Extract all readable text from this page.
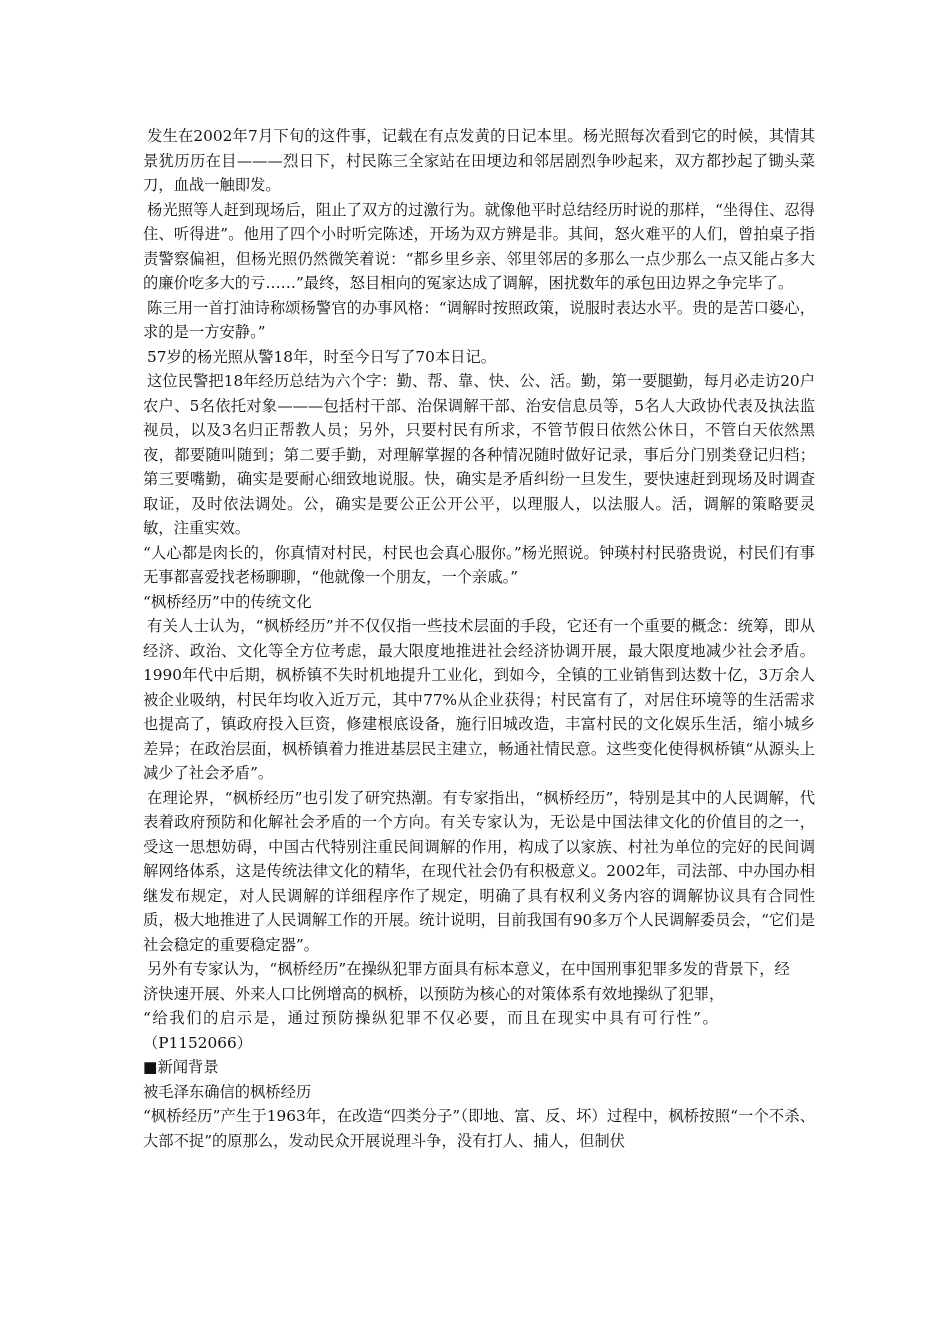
发生在2002年7月下旬的这件事，记载在有点发黄的日记本里。杨光照每次看到它的时候，其情其景犹历历在目———烈日下，村民陈三全家站在田埂边和邻居剧烈争吵起来，双方都抄起了锄头菜刀，血战一触即发。

杨光照等人赶到现场后，阻止了双方的过激行为。就像他平时总结经历时说的那样，“坐得住、忍得住、听得进”。他用了四个小时听完陈述，开场为双方辨是非。其间，怒火难平的人们，曾拍桌子指责警察偏袒，但杨光照仍然微笑着说：“都乡里乡亲、邻里邻居的多那么一点少那么一点又能占多大的廉价吃多大的亏……”最终，怒目相向的冤家达成了调解，困扰数年的承包田边界之争完毕了。

陈三用一首打油诗称颂杨警官的办事风格：“调解时按照政策，说服时表达水平。贵的是苦口婆心，求的是一方安静。”

57岁的杨光照从警18年，时至今日写了70本日记。

这位民警把18年经历总结为六个字：勤、帮、靠、快、公、活。勤，第一要腿勤，每月必走访20户农户、5名依托对象———包括村干部、治保调解干部、治安信息员等，5名人大政协代表及执法监视员，以及3名归正帮教人员；另外，只要村民有所求，不管节假日依然公休日，不管白天依然黑夜，都要随叫随到；第二要手勤，对理解掌握的各种情况随时做好记录，事后分门别类登记归档；第三要嘴勤，确实是要耐心细致地说服。快，确实是矛盾纠纷一旦发生，要快速赶到现场及时调查取证，及时依法调处。公，确实是要公正公开公平，以理服人，以法服人。活，调解的策略要灵敏，注重实效。

“人心都是肉长的，你真情对村民，村民也会真心服你。”杨光照说。钟瑛村村民骆贵说，村民们有事无事都喜爱找老杨聊聊，“他就像一个朋友，一个亲戚。”

“枫桥经历”中的传统文化

有关人士认为，“枫桥经历”并不仅仅指一些技术层面的手段，它还有一个重要的概念：统筹，即从经济、政治、文化等全方位考虑，最大限度地推进社会经济协调开展，最大限度地减少社会矛盾。1990年代中后期，枫桥镇不失时机地提升工业化，到如今，全镇的工业销售到达数十亿，3万余人被企业吸纳，村民年均收入近万元，其中77%从企业获得；村民富有了，对居住环境等的生活需求也提高了，镇政府投入巨资，修建根底设备，施行旧城改造，丰富村民的文化娱乐生活，缩小城乡差异；在政治层面，枫桥镇着力推进基层民主建立，畅通社情民意。这些变化使得枫桥镇“从源头上减少了社会矛盾”。

在理论界，“枫桥经历”也引发了研究热潮。有专家指出，“枫桥经历”，特别是其中的人民调解，代表着政府预防和化解社会矛盾的一个方向。有关专家认为，无讼是中国法律文化的价值目的之一，受这一思想妨碍，中国古代特别注重民间调解的作用，构成了以家族、村社为单位的完好的民间调解网络体系，这是传统法律文化的精华，在现代社会仍有积极意义。2002年，司法部、中办国办相继发布规定，对人民调解的详细程序作了规定，明确了具有权利义务内容的调解协议具有合同性质，极大地推进了人民调解工作的开展。统计说明，目前我国有90多万个人民调解委员会，“它们是社会稳定的重要稳定器”。

另外有专家认为，“枫桥经历”在操纵犯罪方面具有标本意义，在中国刑事犯罪多发的背景下，经

济快速开展、外来人口比例增高的枫桥，以预防为核心的对策体系有效地操纵了犯罪，

“给我们的启示是，通过预防操纵犯罪不仅必要，而且在现实中具有可行性”。

（P1152066）

■新闻背景

被毛泽东确信的枫桥经历

“枫桥经历”产生于1963年，在改造“四类分子”（即地、富、反、坏）过程中，枫桥按照“一个不杀、大部不捉”的原那么，发动民众开展说理斗争，没有打人、捕人，但制伏
